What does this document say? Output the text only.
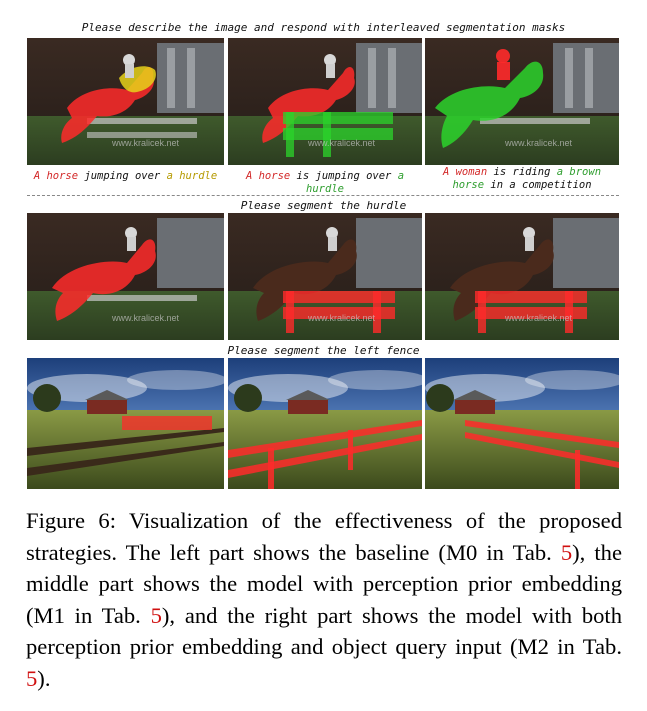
Please describe the image and respond with interleaved segmentation masks
www.kralicek.net	www.kralicek.net	www.kralicek.net
A horse jumping over a hurdle	A horse is jumping over a hurdle
A woman is riding a brown horse in a competition
Please segment the hurdle
www.kralicek.net	www.kralicek.net	www.kralicek.net
Please segment the left fence
Figure 6: Visualization of the effectiveness of the proposed strategies. The left part shows the baseline (M0 in Tab. 5), the middle part shows the model with perception prior embedding (M1 in Tab. 5), and the right part shows the model with both perception prior embedding and object query input (M2 in Tab. 5).
